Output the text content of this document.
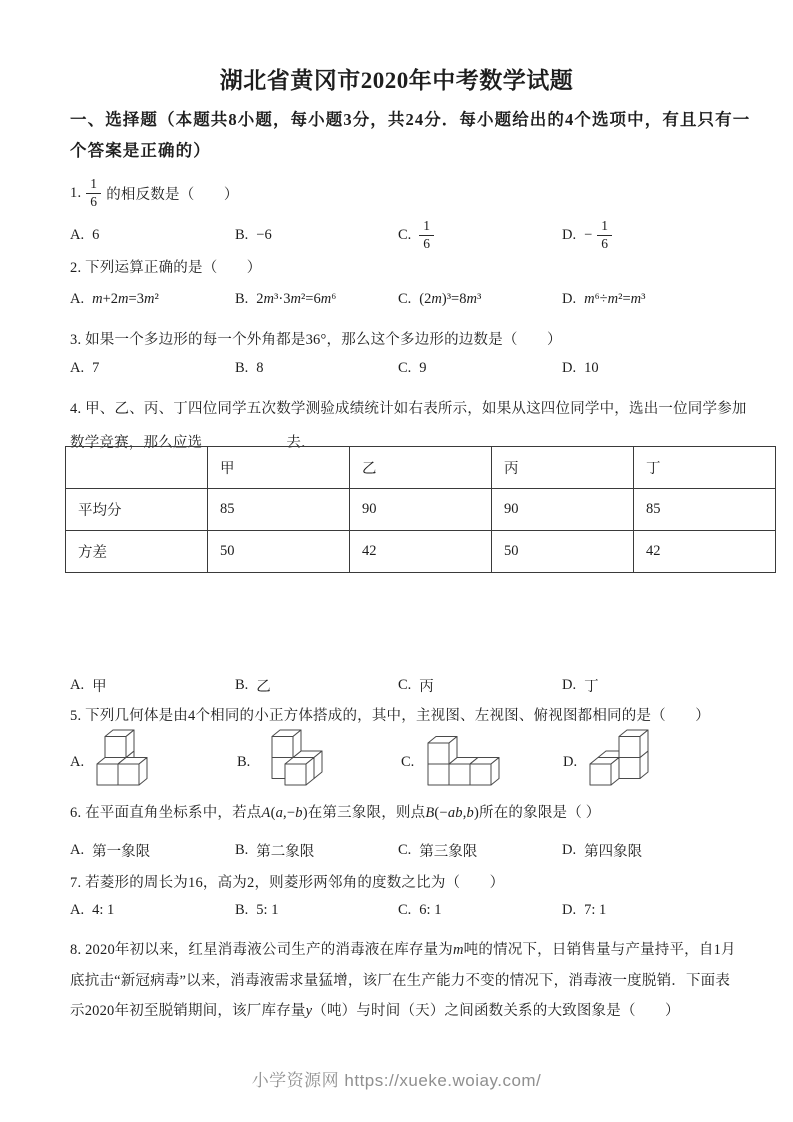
湖北省黄冈市2020年中考数学试题
一、选择题（本题共8小题，每小题3分，共24分．每小题给出的4个选项中，有且只有一
个答案是正确的）
1. $\frac{1}{6}$ 的相反数是（　　）
A. 6	B. −6	C. $\frac{1}{6}$	D. − $\frac{1}{6}$
2. 下列运算正确的是（　　）
A. m+2m=3m²	B. 2m³·3m²=6m⁶	C. (2m)³=8m³	D. m⁶÷m²=m³
3. 如果一个多边形的每一个外角都是36°，那么这个多边形的边数是（　　）
A. 7	B. 8	C. 9	D. 10
4. 甲、乙、丙、丁四位同学五次数学测验成绩统计如右表所示，如果从这四位同学中，选出一位同学参加
数学竞赛，那么应选	去．
	甲	乙	丙	丁
平均分	85	90	90	85
方差	50	42	50	42
A. 甲	B. 乙	C. 丙	D. 丁
5. 下列几何体是由4个相同的小正方体搭成的，其中，主视图、左视图、俯视图都相同的是（　　）
A.	B.	C.	D.
6. 在平面直角坐标系中，若点A(a,−b)在第三象限，则点B(−ab,b)所在的象限是（ ）
A. 第一象限	B. 第二象限	C. 第三象限	D. 第四象限
7. 若菱形的周长为16，高为2，则菱形两邻角的度数之比为（　　）
A. 4: 1	B. 5: 1	C. 6: 1	D. 7: 1
8. 2020年初以来，红星消毒液公司生产的消毒液在库存量为m吨的情况下，日销售量与产量持平，自1月
底抗击“新冠病毒”以来，消毒液需求量猛增，该厂在生产能力不变的情况下，消毒液一度脱销．下面表
示2020年初至脱销期间，该厂库存量y（吨）与时间（天）之间函数关系的大致图象是（　　）
小学资源网 https://xueke.woiay.com/
